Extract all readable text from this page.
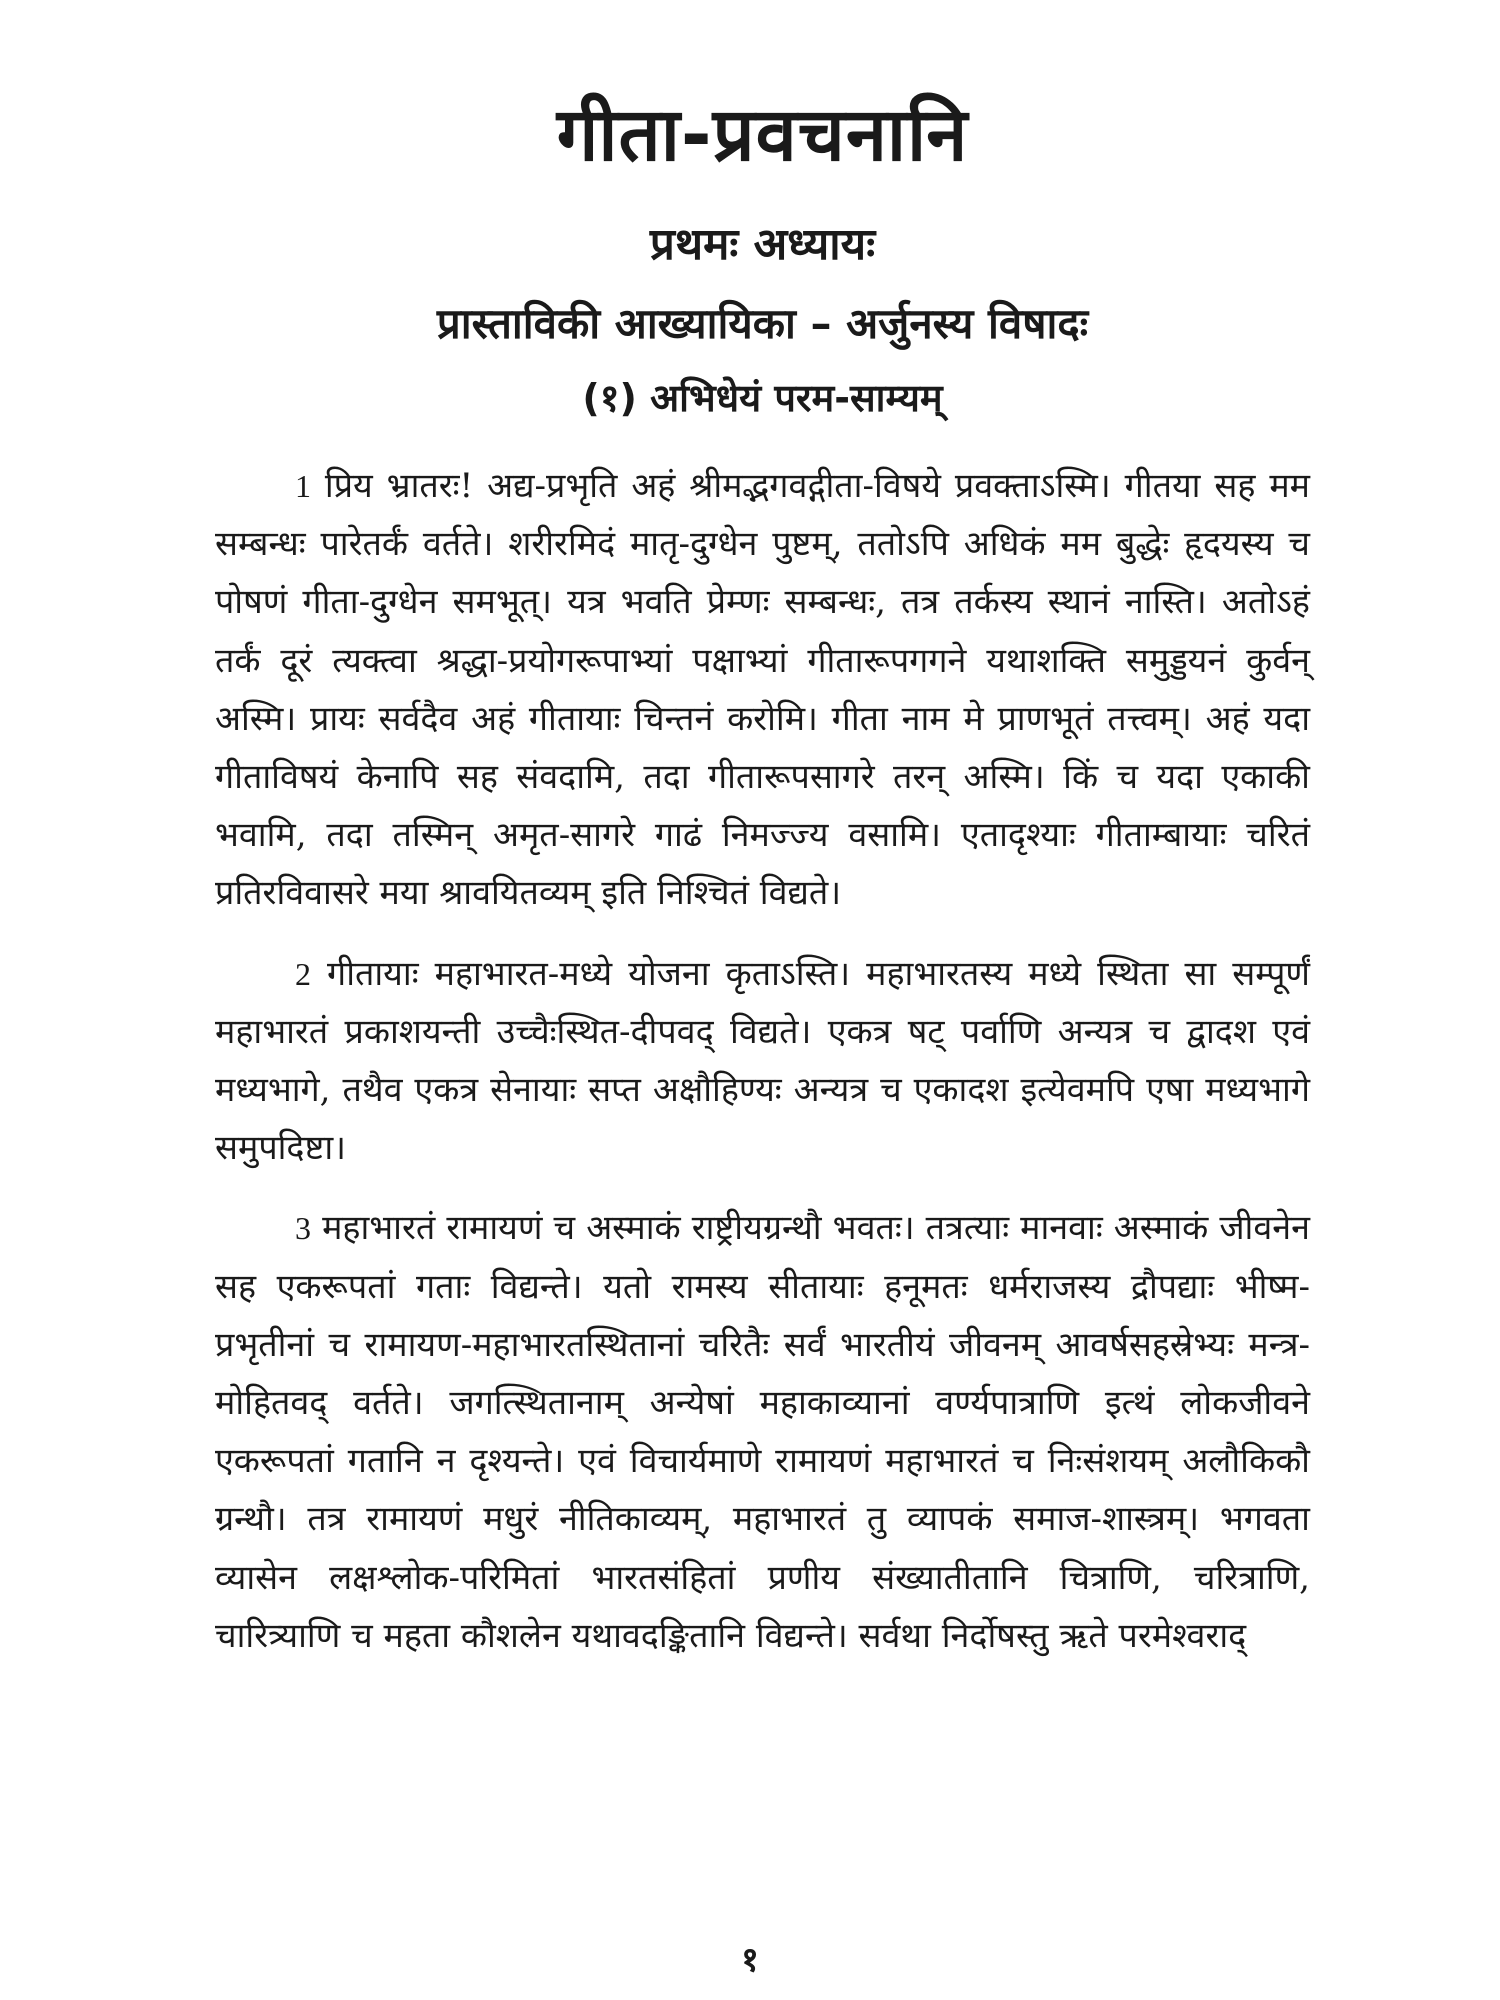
गीता-प्रवचनानि
प्रथमः अध्यायः
प्रास्ताविकी आख्यायिका – अर्जुनस्य विषादः
(१) अभिधेयं परम-साम्यम्

1 प्रिय भ्रातरः! अद्य-प्रभृति अहं श्रीमद्भगवद्गीता-विषये प्रवक्ताऽस्मि। गीतया सह मम सम्बन्धः पारेतर्कं वर्तते। शरीरमिदं मातृ-दुग्धेन पुष्टम्, ततोऽपि अधिकं मम बुद्धेः हृदयस्य च पोषणं गीता-दुग्धेन समभूत्। यत्र भवति प्रेम्णः सम्बन्धः, तत्र तर्कस्य स्थानं नास्ति। अतोऽहं तर्कं दूरं त्यक्त्वा श्रद्धा-प्रयोगरूपाभ्यां पक्षाभ्यां गीतारूपगगने यथाशक्ति समुड्डयनं कुर्वन् अस्मि। प्रायः सर्वदैव अहं गीतायाः चिन्तनं करोमि। गीता नाम मे प्राणभूतं तत्त्वम्। अहं यदा गीताविषयं केनापि सह संवदामि, तदा गीतारूपसागरे तरन् अस्मि। किं च यदा एकाकी भवामि, तदा तस्मिन् अमृत-सागरे गाढं निमज्ज्य वसामि। एतादृश्याः गीताम्बायाः चरितं प्रतिरविवासरे मया श्रावयितव्यम् इति निश्चितं विद्यते।

2 गीतायाः महाभारत-मध्ये योजना कृताऽस्ति। महाभारतस्य मध्ये स्थिता सा सम्पूर्णं महाभारतं प्रकाशयन्ती उच्चैःस्थित-दीपवद् विद्यते। एकत्र षट् पर्वाणि अन्यत्र च द्वादश एवं मध्यभागे, तथैव एकत्र सेनायाः सप्त अक्षौहिण्यः अन्यत्र च एकादश इत्येवमपि एषा मध्यभागे समुपदिष्टा।

3 महाभारतं रामायणं च अस्माकं राष्ट्रीयग्रन्थौ भवतः। तत्रत्याः मानवाः अस्माकं जीवनेन सह एकरूपतां गताः विद्यन्ते। यतो रामस्य सीतायाः हनूमतः धर्मराजस्य द्रौपद्याः भीष्म-प्रभृतीनां च रामायण-महाभारतस्थितानां चरितैः सर्वं भारतीयं जीवनम् आवर्षसहस्रेभ्यः मन्त्र-मोहितवद् वर्तते। जगत्स्थितानाम् अन्येषां महाकाव्यानां वर्ण्यपात्राणि इत्थं लोकजीवने एकरूपतां गतानि न दृश्यन्ते। एवं विचार्यमाणे रामायणं महाभारतं च निःसंशयम् अलौकिकौ ग्रन्थौ। तत्र रामायणं मधुरं नीतिकाव्यम्, महाभारतं तु व्यापकं समाज-शास्त्रम्। भगवता व्यासेन लक्षश्लोक-परिमितां भारतसंहितां प्रणीय संख्यातीतानि चित्राणि, चरित्राणि, चारित्र्याणि च महता कौशलेन यथावदङ्कितानि विद्यन्ते। सर्वथा निर्दोषस्तु ऋते परमेश्वराद्

१
